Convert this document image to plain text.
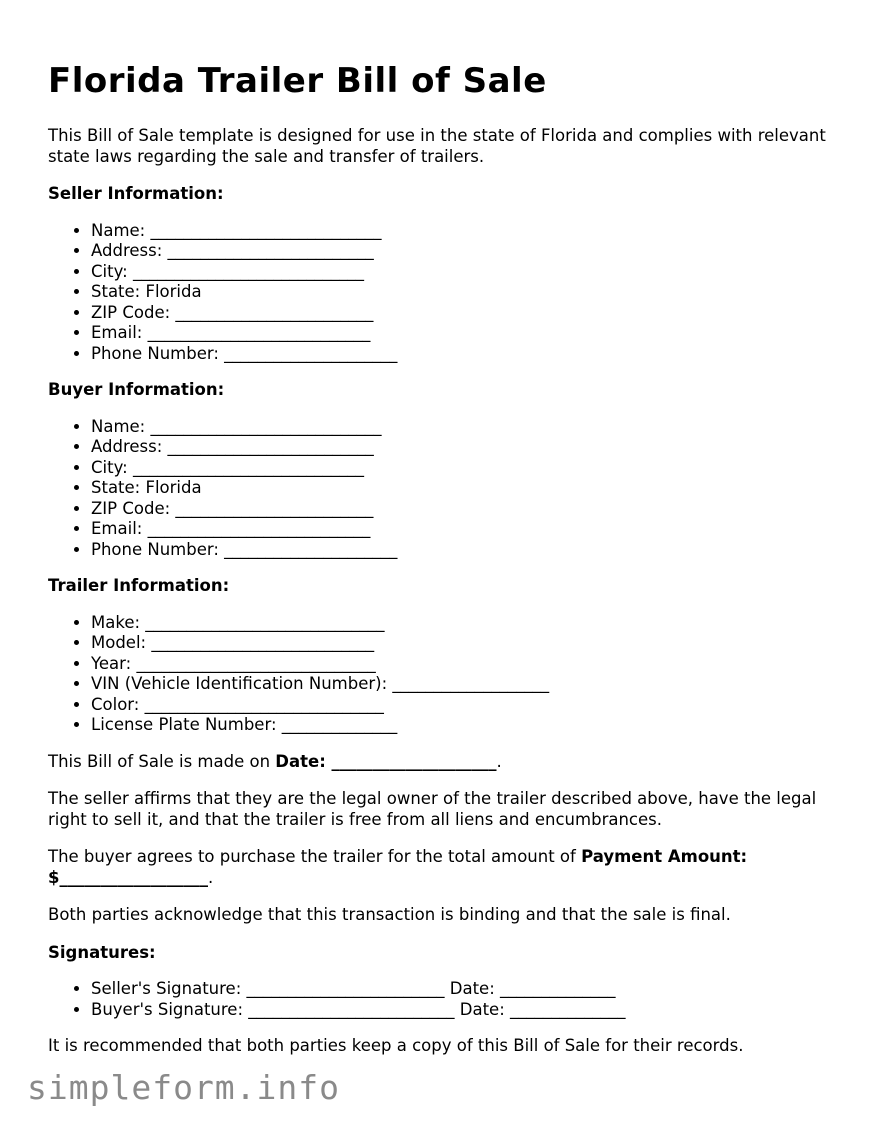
Florida Trailer Bill of Sale

This Bill of Sale template is designed for use in the state of Florida and complies with relevant state laws regarding the sale and transfer of trailers.

Seller Information:
• Name: ____________________________
• Address: _________________________
• City: ____________________________
• State: Florida
• ZIP Code: ________________________
• Email: ___________________________
• Phone Number: _____________________
Buyer Information:
• Name: ____________________________
• Address: _________________________
• City: ____________________________
• State: Florida
• ZIP Code: ________________________
• Email: ___________________________
• Phone Number: _____________________
Trailer Information:
• Make: _____________________________
• Model: ___________________________
• Year: _____________________________
• VIN (Vehicle Identification Number): ___________________
• Color: _____________________________
• License Plate Number: ______________

This Bill of Sale is made on Date: ____________________.

The seller affirms that they are the legal owner of the trailer described above, have the legal right to sell it, and that the trailer is free from all liens and encumbrances.

The buyer agrees to purchase the trailer for the total amount of Payment Amount: $__________________.

Both parties acknowledge that this transaction is binding and that the sale is final.

Signatures:
• Seller's Signature: ________________________ Date: ______________
• Buyer's Signature: _________________________ Date: ______________

It is recommended that both parties keep a copy of this Bill of Sale for their records.

simpleform.info
